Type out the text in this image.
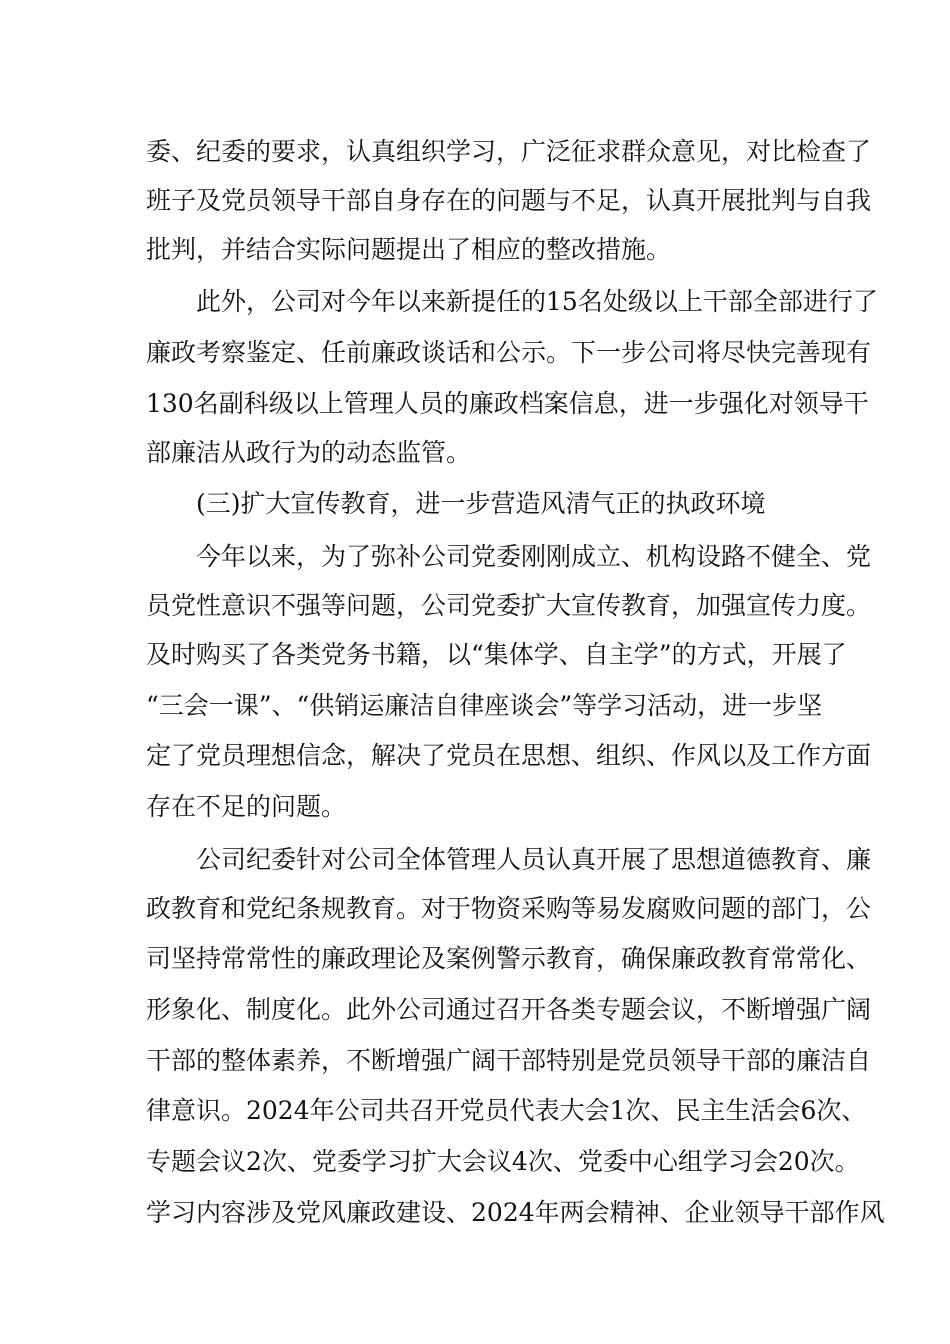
委、纪委的要求，认真组织学习，广泛征求群众意见，对比检查了

班子及党员领导干部自身存在的问题与不足，认真开展批判与自我

批判，并结合实际问题提出了相应的整改措施。

此外，公司对今年以来新提任的15名处级以上干部全部进行了

廉政考察鉴定、任前廉政谈话和公示。下一步公司将尽快完善现有

130名副科级以上管理人员的廉政档案信息，进一步强化对领导干

部廉洁从政行为的动态监管。

(三)扩大宣传教育，进一步营造风清气正的执政环境

今年以来，为了弥补公司党委刚刚成立、机构设路不健全、党

员党性意识不强等问题，公司党委扩大宣传教育，加强宣传力度。

及时购买了各类党务书籍，以“集体学、自主学”的方式，开展了

“三会一课”、“供销运廉洁自律座谈会”等学习活动，进一步坚

定了党员理想信念，解决了党员在思想、组织、作风以及工作方面

存在不足的问题。

公司纪委针对公司全体管理人员认真开展了思想道德教育、廉

政教育和党纪条规教育。对于物资采购等易发腐败问题的部门，公

司坚持常常性的廉政理论及案例警示教育，确保廉政教育常常化、

形象化、制度化。此外公司通过召开各类专题会议，不断增强广阔

干部的整体素养，不断增强广阔干部特别是党员领导干部的廉洁自

律意识。2024年公司共召开党员代表大会1次、民主生活会6次、

专题会议2次、党委学习扩大会议4次、党委中心组学习会20次。

学习内容涉及党风廉政建设、2024年两会精神、企业领导干部作风
